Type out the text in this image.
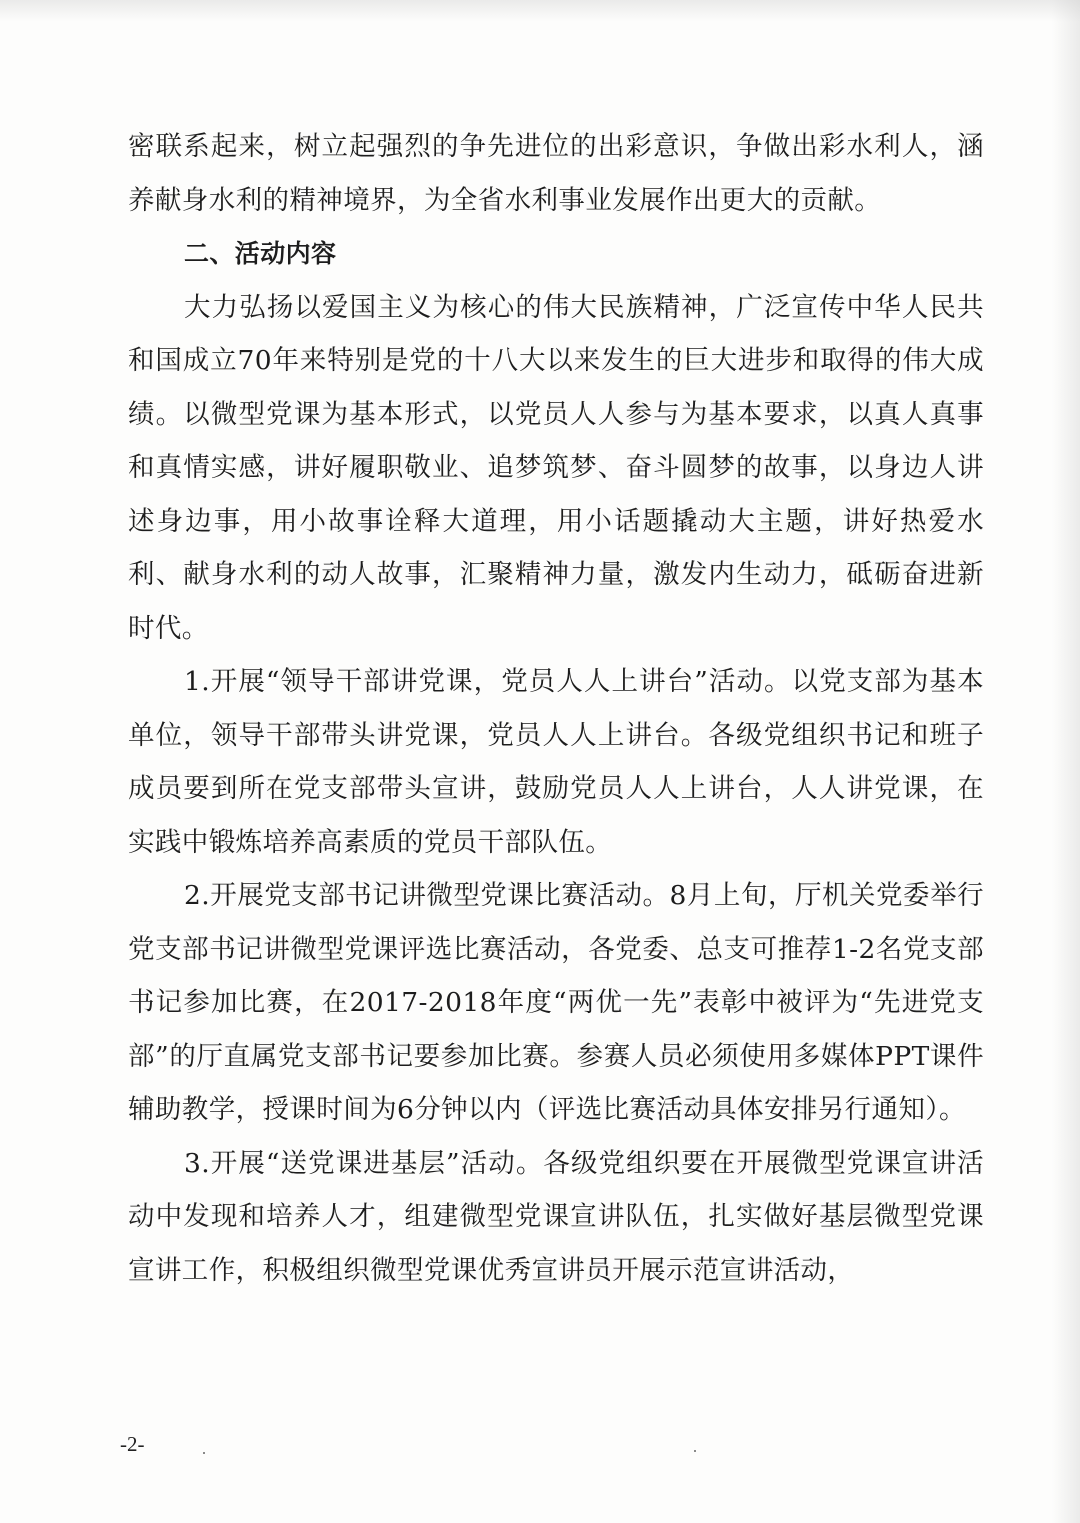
密联系起来，树立起强烈的争先进位的出彩意识，争做出彩水利人，涵养献身水利的精神境界，为全省水利事业发展作出更大的贡献。

二、活动内容

大力弘扬以爱国主义为核心的伟大民族精神，广泛宣传中华人民共和国成立70年来特别是党的十八大以来发生的巨大进步和取得的伟大成绩。以微型党课为基本形式，以党员人人参与为基本要求，以真人真事和真情实感，讲好履职敬业、追梦筑梦、奋斗圆梦的故事，以身边人讲述身边事，用小故事诠释大道理，用小话题撬动大主题，讲好热爱水利、献身水利的动人故事，汇聚精神力量，激发内生动力，砥砺奋进新时代。

1.开展“领导干部讲党课，党员人人上讲台”活动。以党支部为基本单位，领导干部带头讲党课，党员人人上讲台。各级党组织书记和班子成员要到所在党支部带头宣讲，鼓励党员人人上讲台，人人讲党课，在实践中锻炼培养高素质的党员干部队伍。

2.开展党支部书记讲微型党课比赛活动。8月上旬，厅机关党委举行党支部书记讲微型党课评选比赛活动，各党委、总支可推荐1-2名党支部书记参加比赛，在2017-2018年度“两优一先”表彰中被评为“先进党支部”的厅直属党支部书记要参加比赛。参赛人员必须使用多媒体PPT课件辅助教学，授课时间为6分钟以内（评选比赛活动具体安排另行通知）。

3.开展“送党课进基层”活动。各级党组织要在开展微型党课宣讲活动中发现和培养人才，组建微型党课宣讲队伍，扎实做好基层微型党课宣讲工作，积极组织微型党课优秀宣讲员开展示范宣讲活动，

-2-
